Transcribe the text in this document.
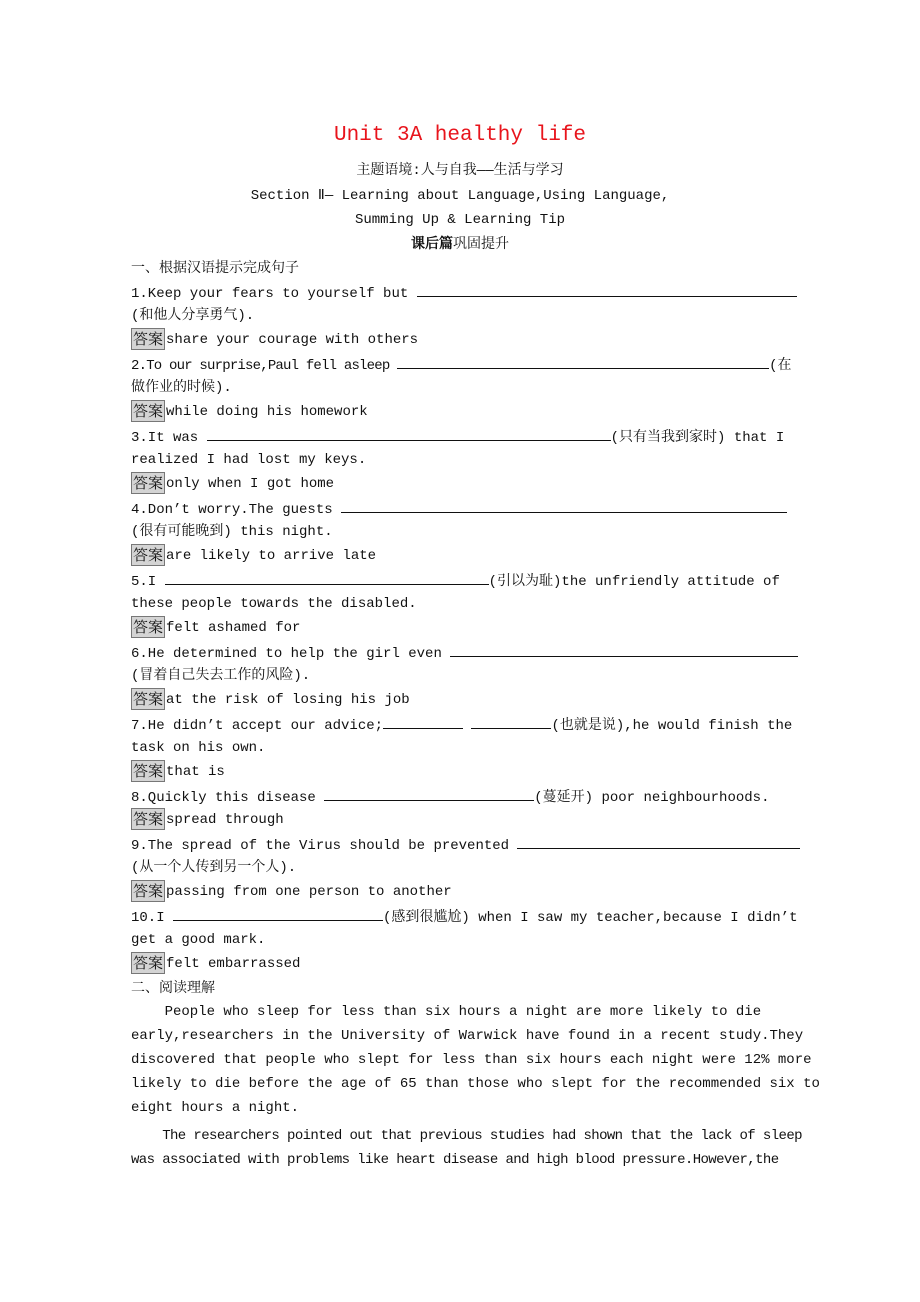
Unit 3A healthy life
主题语境:人与自我——生活与学习
Section Ⅱ— Learning about Language,Using Language,
Summing Up & Learning Tip
课后篇巩固提升
一、根据汉语提示完成句子
1.Keep your fears to yourself but
(和他人分享勇气).
答案 share your courage with others
2.To our surprise,Paul fell asleep	(在
做作业的时候).
答案 while doing his homework
3.It was	(只有当我到家时) that I
realized I had lost my keys.
答案 only when I got home
4.Don’t worry.The guests
(很有可能晚到) this night.
答案 are likely to arrive late
5.I	(引以为耻)the unfriendly attitude of
these people towards the disabled.
答案 felt ashamed for
6.He determined to help the girl even
(冒着自己失去工作的风险).
答案 at the risk of losing his job
7.He didn’t accept our advice;	(也就是说),he would finish the
task on his own.
答案 that is
8.Quickly this disease	(蔓延开) poor neighbourhoods.
答案 spread through
9.The spread of the Virus should be prevented
(从一个人传到另一个人).
答案 passing from one person to another
10.I	(感到很尴尬) when I saw my teacher,because I didn’t
get a good mark.
答案 felt embarrassed
二、阅读理解
People who sleep for less than six hours a night are more likely to die
early,researchers in the University of Warwick have found in a recent study.They
discovered that people who slept for less than six hours each night were 12% more
likely to die before the age of 65 than those who slept for the recommended six to
eight hours a night.
The researchers pointed out that previous studies had shown that the lack of sleep
was associated with problems like heart disease and high blood pressure.However,the
